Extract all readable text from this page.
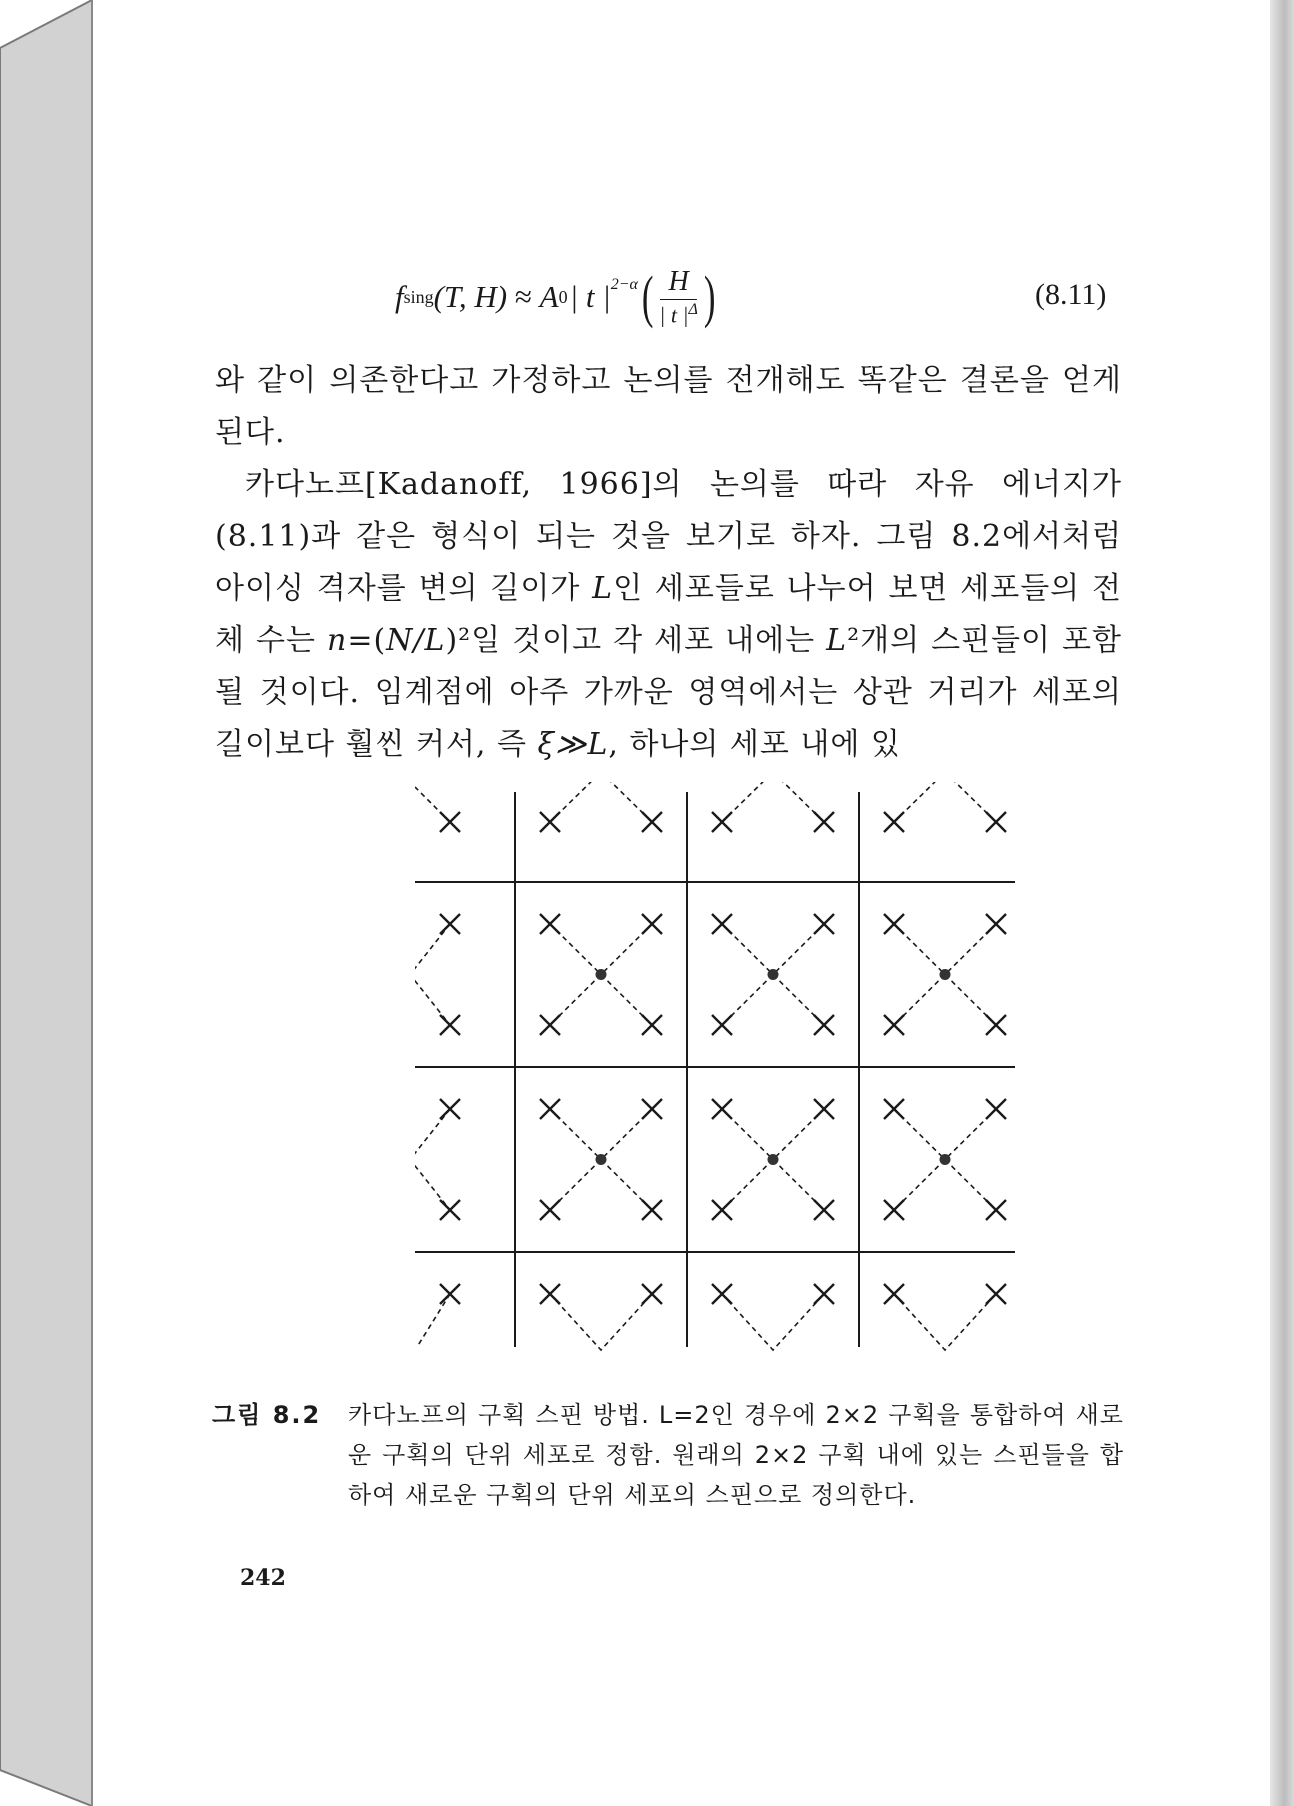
f sing (T, H) ≈ A 0 | t $|^{2-\alpha}$ ( $\frac{H}{| t |^\Delta}$ )	(8.11)

와 같이 의존한다고 가정하고 논의를 전개해도 똑같은 결론을 얻게 된다.

카다노프[Kadanoff, 1966]의 논의를 따라 자유 에너지가 (8.11)과 같은 형식이 되는 것을 보기로 하자. 그림 8.2에서처럼 아이싱 격자를 변의 길이가 L인 세포들로 나누어 보면 세포들의 전체 수는 n=(N/L)²일 것이고 각 세포 내에는 L²개의 스핀들이 포함될 것이다. 임계점에 아주 가까운 영역에서는 상관 거리가 세포의 길이보다 훨씬 커서, 즉 ξ≫L, 하나의 세포 내에 있

그림 8.2 카다노프의 구획 스핀 방법. L=2인 경우에 2×2 구획을 통합하여 새로운 구획의 단위 세포로 정함. 원래의 2×2 구획 내에 있는 스핀들을 합하여 새로운 구획의 단위 세포의 스핀으로 정의한다.
242
